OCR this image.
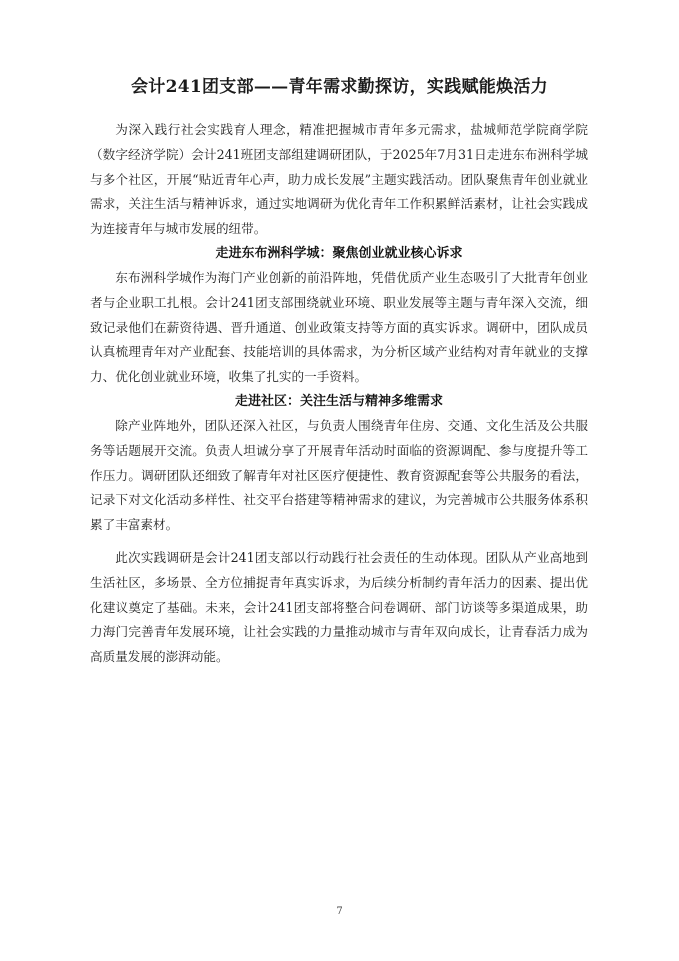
会计241团支部——青年需求勤探访，实践赋能焕活力

为深入践行社会实践育人理念，精准把握城市青年多元需求，盐城师范学院商学院（数字经济学院）会计241班团支部组建调研团队，于2025年7月31日走进东布洲科学城与多个社区，开展“贴近青年心声，助力成长发展”主题实践活动。团队聚焦青年创业就业需求，关注生活与精神诉求，通过实地调研为优化青年工作积累鲜活素材，让社会实践成为连接青年与城市发展的纽带。

走进东布洲科学城：聚焦创业就业核心诉求

东布洲科学城作为海门产业创新的前沿阵地，凭借优质产业生态吸引了大批青年创业者与企业职工扎根。会计241团支部围绕就业环境、职业发展等主题与青年深入交流，细致记录他们在薪资待遇、晋升通道、创业政策支持等方面的真实诉求。调研中，团队成员认真梳理青年对产业配套、技能培训的具体需求，为分析区域产业结构对青年就业的支撑力、优化创业就业环境，收集了扎实的一手资料。

走进社区：关注生活与精神多维需求

除产业阵地外，团队还深入社区，与负责人围绕青年住房、交通、文化生活及公共服务等话题展开交流。负责人坦诚分享了开展青年活动时面临的资源调配、参与度提升等工作压力。调研团队还细致了解青年对社区医疗便捷性、教育资源配套等公共服务的看法，记录下对文化活动多样性、社交平台搭建等精神需求的建议，为完善城市公共服务体系积累了丰富素材。

此次实践调研是会计241团支部以行动践行社会责任的生动体现。团队从产业高地到生活社区，多场景、全方位捕捉青年真实诉求，为后续分析制约青年活力的因素、提出优化建议奠定了基础。未来，会计241团支部将整合问卷调研、部门访谈等多渠道成果，助力海门完善青年发展环境，让社会实践的力量推动城市与青年双向成长，让青春活力成为高质量发展的澎湃动能。

7
